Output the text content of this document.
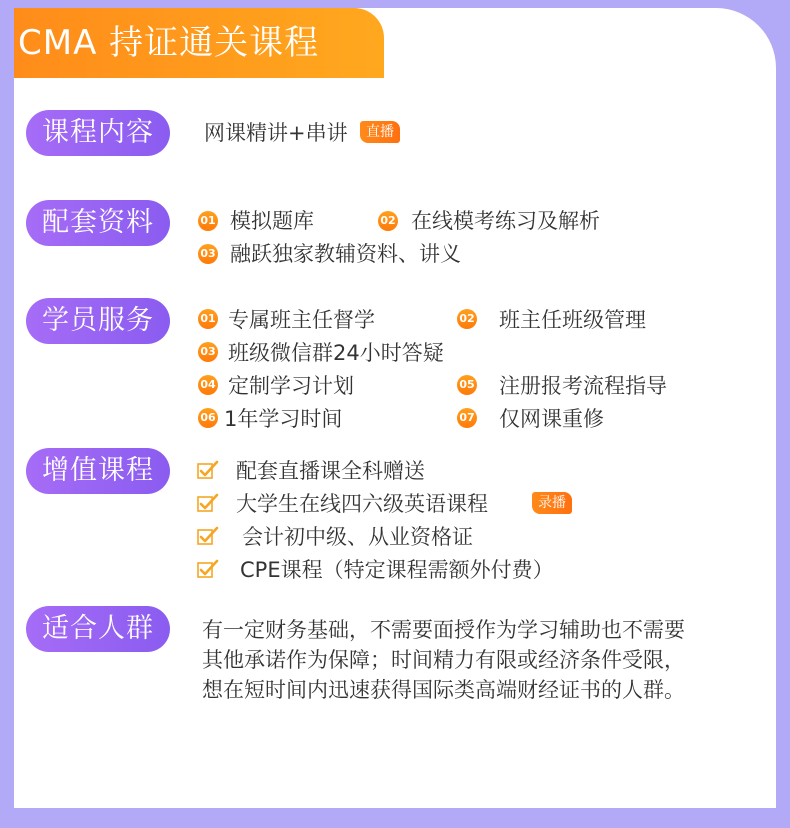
CMA 持证通关课程
课程内容	网课精讲+串讲	直播
配套资料	01 模拟题库	02 在线模考练习及解析
03 融跃独家教辅资料、讲义
学员服务	01 专属班主任督学	02 班主任班级管理
03 班级微信群24小时答疑
04 定制学习计划	05 注册报考流程指导
06 1年学习时间	07 仅网课重修
增值课程	配套直播课全科赠送
大学生在线四六级英语课程	录播
会计初中级、从业资格证
CPE课程（特定课程需额外付费）
适合人群	有一定财务基础，不需要面授作为学习辅助也不需要
其他承诺作为保障；时间精力有限或经济条件受限，
想在短时间内迅速获得国际类高端财经证书的人群。
